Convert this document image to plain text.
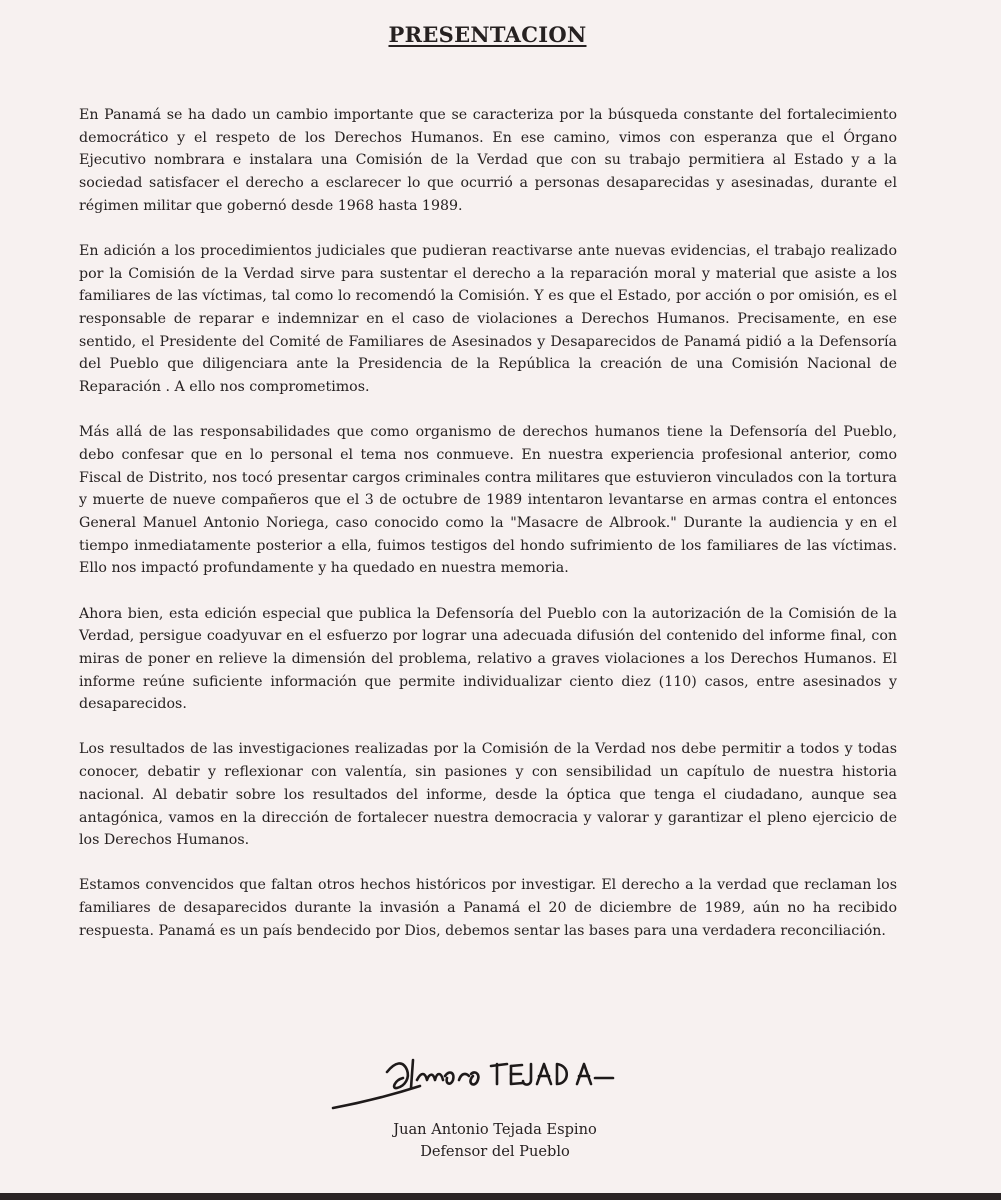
PRESENTACION

En Panamá se ha dado un cambio importante que se caracteriza por la búsqueda constante del fortalecimiento democrático y el respeto de los Derechos Humanos. En ese camino, vimos con esperanza que el Órgano Ejecutivo nombrara e instalara una Comisión de la Verdad que con su trabajo permitiera al Estado y a la sociedad satisfacer el derecho a esclarecer lo que ocurrió a personas desaparecidas y asesinadas, durante el régimen militar que gobernó desde 1968 hasta 1989.

En adición a los procedimientos judiciales que pudieran reactivarse ante nuevas evidencias, el trabajo realizado por la Comisión de la Verdad sirve para sustentar el derecho a la reparación moral y material que asiste a los familiares de las víctimas, tal como lo recomendó la Comisión. Y es que el Estado, por acción o por omisión, es el responsable de reparar e indemnizar en el caso de violaciones a Derechos Humanos. Precisamente, en ese sentido, el Presidente del Comité de Familiares de Asesinados y Desaparecidos de Panamá pidió a la Defensoría del Pueblo que diligenciara ante la Presidencia de la República la creación de una Comisión Nacional de Reparación . A ello nos comprometimos.

Más allá de las responsabilidades que como organismo de derechos humanos tiene la Defensoría del Pueblo, debo confesar que en lo personal el tema nos conmueve. En nuestra experiencia profesional anterior, como Fiscal de Distrito, nos tocó presentar cargos criminales contra militares que estuvieron vinculados con la tortura y muerte de nueve compañeros que el 3 de octubre de 1989 intentaron levantarse en armas contra el entonces General Manuel Antonio Noriega, caso conocido como la "Masacre de Albrook." Durante la audiencia y en el tiempo inmediatamente posterior a ella, fuimos testigos del hondo sufrimiento de los familiares de las víctimas. Ello nos impactó profundamente y ha quedado en nuestra memoria.

Ahora bien, esta edición especial que publica la Defensoría del Pueblo con la autorización de la Comisión de la Verdad, persigue coadyuvar en el esfuerzo por lograr una adecuada difusión del contenido del informe final, con miras de poner en relieve la dimensión del problema, relativo a graves violaciones a los Derechos Humanos. El informe reúne suficiente información que permite individualizar ciento diez (110) casos, entre asesinados y desaparecidos.

Los resultados de las investigaciones realizadas por la Comisión de la Verdad nos debe permitir a todos y todas conocer, debatir y reflexionar con valentía, sin pasiones y con sensibilidad un capítulo de nuestra historia nacional. Al debatir sobre los resultados del informe, desde la óptica que tenga el ciudadano, aunque sea antagónica, vamos en la dirección de fortalecer nuestra democracia y valorar y garantizar el pleno ejercicio de los Derechos Humanos.

Estamos convencidos que faltan otros hechos históricos por investigar. El derecho a la verdad que reclaman los familiares de desaparecidos durante la invasión a Panamá el 20 de diciembre de 1989, aún no ha recibido respuesta. Panamá es un país bendecido por Dios, debemos sentar las bases para una verdadera reconciliación.

Juan Antonio Tejada Espino
Defensor del Pueblo
